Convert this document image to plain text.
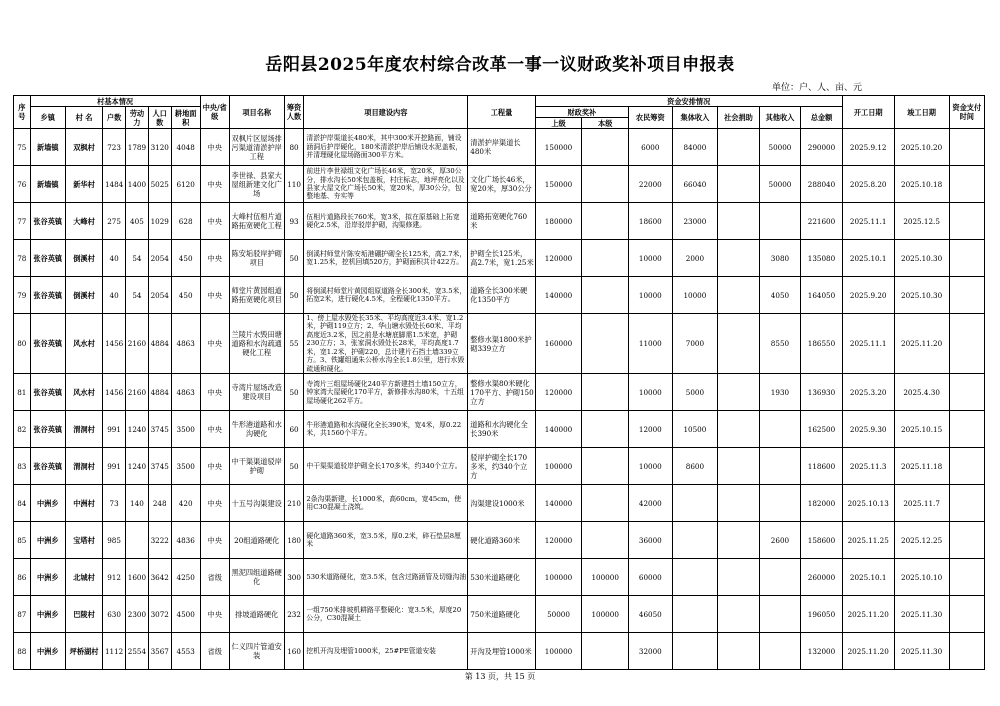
岳阳县2025年度农村综合改革一事一议财政奖补项目申报表
单位：户、人、亩、元
序号	村基本情况						中央/省级	项目名称	筹资人数	项目建设内容	工程量	资金安排情况							开工日期	竣工日期	资金支付时间
	乡镇	村 名	户数	劳动力	人口数	耕地面积						财政奖补		农民筹资	集体收入	社会捐助	其他收入	总金额			
												上级	本级								
75	新墙镇	双枫村	723	1789	3120	4048	中央	双枫片区屋场排污渠道清淤护岸工程	80	清淤护岸渠道长480米，其中300米开挖路面，铺设 涵洞后护岸硬化，180米清淤护岸后铺设水泥盖板，并清理硬化屋场路面300平方米。	清淤护岸渠道长480米	150000		6000	84000		50000	290000	2025.9.12	2025.10.20	
76	新墙镇	新华村	1484	1400	5025	6120	中央	李世禄、县家大屋组新建文化广场	110	前进片李世禄组文化广场长46米，宽20米，厚30公分，排水沟长50米包盖板，村庄标志，地坪亮化以及县家大屋文化广场长50米，宽20米，厚30公分，包整地基、夯实等	文化广场长46米，宽20米，厚30公分	150000		22000	66040		50000	288040	2025.8.20	2025.10.18	
77	张谷英镇	大峰村	275	405	1029	628	中央	大峰村伍相片道路拓宽硬化工程	93	伍相片道路段长760米，宽3米，拟在原基础上拓宽硬化2.5米，沿岸驳岸护砌，沟渠修建。	道路拓宽硬化760米	180000		18600	23000			221600	2025.11.1	2025.12.5	
78	张谷英镇	倒溪村	40	54	2054	450	中央	陈安垢驳岸护砌项目	50	倒溪村师堂片陈安垢港硼护砌全长125米，高2.7米，宽1.25米，挖机回填520方，护砌面积共计422方。	护砌全长125米，高2.7米，宽1.25米	120000		10000	2000		3080	135080	2025.10.1	2025.10.30	
79	张谷英镇	倒溪村	40	54	2054	450	中央	师堂片黄园组道路拓宽硬化项目	50	将倒溪村师堂片黄园组原道路全长300米，宽3.5米，拓宽2米，进行硬化4.5米，全程硬化1350平方。	道路全长300米硬化1350平方	140000		10000	10000		4050	164050	2025.9.20	2025.10.30	
80	张谷英镇	风水村	1456	2160	4884	4863	中央	兰陵片水毁田塘道路和水沟疏通硬化工程	55	1、傍上屋水毁处长35米、平均高度近3.4米、宽1.2米，护砌119立方；2、华山塘水毁处长60米、平均高度近3.2米，因之前是水塘底脚需1.5米宽，护砌230立方；3、张家洞水毁处长28米，平均高度1.7米，宽1.2米，护砌220，总计建片石挡土墙339立方。3、铁罐组通朱公桥水沟全长1.8公里，进行水毁疏通和硬化。	整修水渠1800米护砌339立方	160000		11000	7000		8550	186550	2025.11.1	2025.11.20	
81	张谷英镇	风水村	1456	2160	4884	4863	中央	寺湾片屋场改造建设项目	50	寺湾片三组屋场硬化240平方新建挡土墙150立方，钟家湾大屋硬化170平方，新修排水沟80米，十五组屋场硬化262平方。	整修水渠80米硬化170平方、护砌150立方	120000		10000	5000		1930	136930	2025.3.20	2025.4.30	
82	张谷英镇	渭洞村	991	1240	3745	3500	中央	牛形港道路和水沟硬化	60	牛形港道路和水沟硬化全长390米，宽4米，厚0.22米，共1560个平方。	道路和水沟硬化全长390米	140000		12000	10500			162500	2025.9.30	2025.10.15	
83	张谷英镇	渭洞村	991	1240	3745	3500	中央	中干渠渠道驳岸护砌	50	中干渠渠道驳岸护砌全长170多米，约340个立方。	驳岸护砌全长170多米，约340个立方	100000		10000	8600			118600	2025.11.3	2025.11.18	
84	中洲乡	中洲村	73	140	248	420	中央	十五号沟渠建设	210	2条沟渠新建，长1000米，高60cm，宽45cm，使用C30混凝土浇筑。	沟渠建设1000米	140000		42000				182000	2025.10.13	2025.11.7	
85	中洲乡	宝塔村	985		3222	4836	中央	20组道路硬化	180	硬化道路360米，宽3.5米，厚0.2米，碎石垫层8厘米	硬化道路360米	120000		36000			2600	158600	2025.11.25	2025.12.25	
86	中洲乡	北城村	912	1600	3642	4250	省级	黑泥四组道路硬化	300	530米道路硬化，宽3.5米，包含过路涵管及切缝沟油	530米道路硬化	100000	100000	60000				260000	2025.10.1	2025.10.10	
87	中洲乡	巴陵村	630	2300	3072	4500	中央	排坡道路硬化	232	一组750米排坡机耕路平整硬化：宽3.5米，厚度20公分，C30混凝土	750米道路硬化	50000	100000	46050				196050	2025.11.20	2025.11.30	
88	中洲乡	坪桥湖村	1112	2554	3567	4553	省级	仁义四片管道安装	160	挖机开沟及埋管1000米，25#PE管道安装	开沟及埋管1000米	100000		32000				132000	2025.11.20	2025.11.30	
第 13 页，共 15 页
